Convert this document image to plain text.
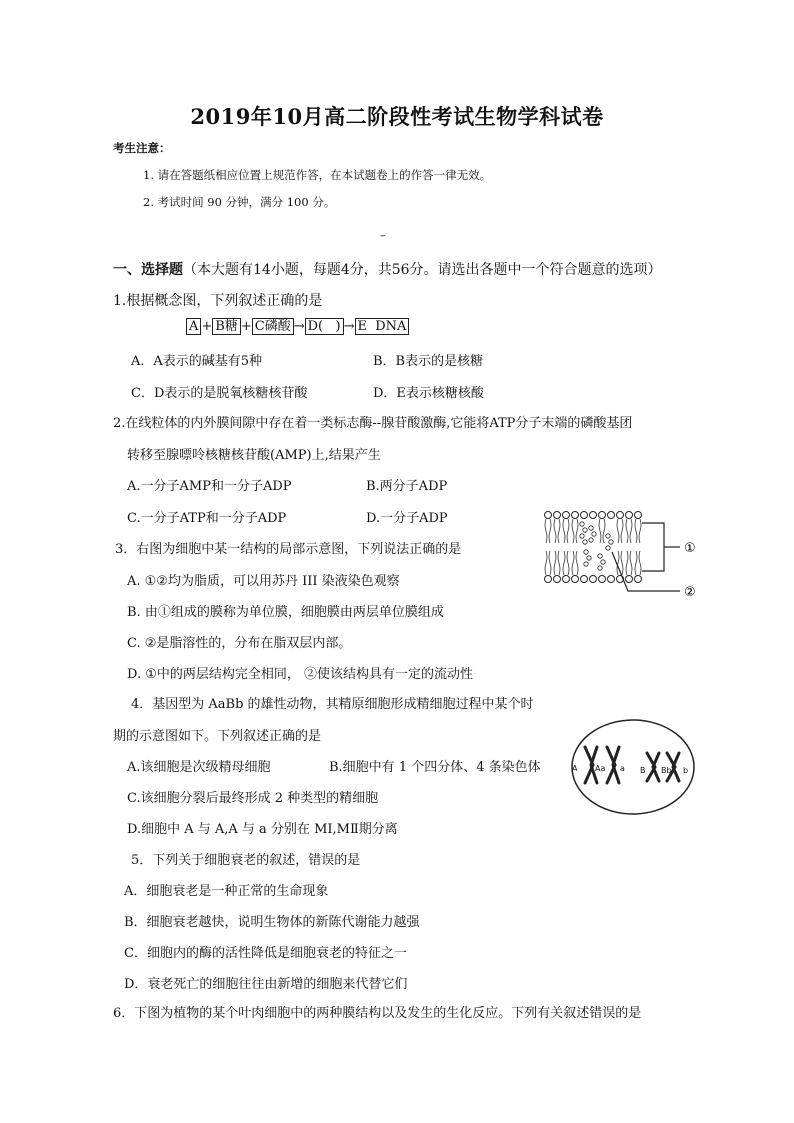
2019年10月高二阶段性考试生物学科试卷
考生注意：
1. 请在答题纸相应位置上规范作答，在本试题卷上的作答一律无效。
2. 考试时间 90 分钟，满分 100 分。
–
一、选择题（本大题有14小题，每题4分，共56分。请选出各题中一个符合题意的选项）
1.根据概念图，下列叙述正确的是
A + B糖 + C磷酸 → D(   ) → E  DNA
A．A表示的碱基有5种	B．B表示的是核糖
C．D表示的是脱氧核糖核苷酸	D．E表示核糖核酸
2.在线粒体的内外膜间隙中存在着一类标志酶--腺苷酸激酶,它能将ATP分子末端的磷酸基团
转移至腺嘌呤核糖核苷酸(AMP)上,结果产生
A.一分子AMP和一分子ADP	B.两分子ADP
C.一分子ATP和一分子ADP	D.一分子ADP
①
②
3．右图为细胞中某一结构的局部示意图，下列说法正确的是
A. ①②均为脂质，可以用苏丹 III 染液染色观察
B. 由①组成的膜称为单位膜，细胞膜由两层单位膜组成
C. ②是脂溶性的，分布在脂双层内部。
D. ①中的两层结构完全相同， ②使该结构具有一定的流动性
4．基因型为 AaBb 的雄性动物，其精原细胞形成精细胞过程中某个时
期的示意图如下。下列叙述正确的是
A Aa a B Bb b
A.该细胞是次级精母细胞	B.细胞中有 1 个四分体、4 条染色体
C.该细胞分裂后最终形成 2 种类型的精细胞
D.细胞中 A 与 A,A 与 a 分别在 MⅠ,MⅡ期分离
5．下列关于细胞衰老的叙述，错误的是
A．细胞衰老是一种正常的生命现象
B．细胞衰老越快，说明生物体的新陈代谢能力越强
C．细胞内的酶的活性降低是细胞衰老的特征之一
D．衰老死亡的细胞往往由新增的细胞来代替它们
6．下图为植物的某个叶肉细胞中的两种膜结构以及发生的生化反应。下列有关叙述错误的是
